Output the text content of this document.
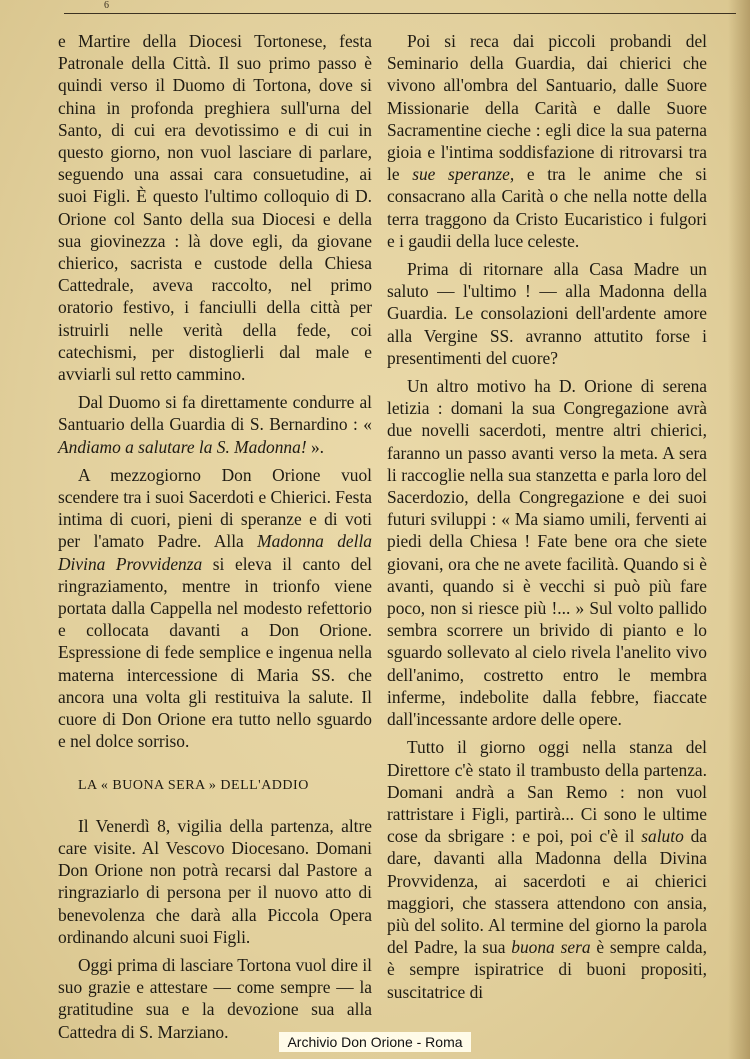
6

e Martire della Diocesi Tortonese, festa Patronale della Città. Il suo primo passo è quindi verso il Duomo di Tortona, dove si china in profonda preghiera sull'urna del Santo, di cui era devotissimo e di cui in questo giorno, non vuol lasciare di parlare, seguendo una assai cara consuetudine, ai suoi Figli. È questo l'ultimo colloquio di D. Orione col Santo della sua Diocesi e della sua giovinezza : là dove egli, da giovane chierico, sacrista e custode della Chiesa Cattedrale, aveva raccolto, nel primo oratorio festivo, i fanciulli della città per istruirli nelle verità della fede, coi catechismi, per distoglierli dal male e avviarli sul retto cammino.

Dal Duomo si fa direttamente condurre al Santuario della Guardia di S. Bernardino : « Andiamo a salutare la S. Madonna! ».

A mezzogiorno Don Orione vuol scendere tra i suoi Sacerdoti e Chierici. Festa intima di cuori, pieni di speranze e di voti per l'amato Padre. Alla Madonna della Divina Provvidenza si eleva il canto del ringraziamento, mentre in trionfo viene portata dalla Cappella nel modesto refettorio e collocata davanti a Don Orione. Espressione di fede semplice e ingenua nella materna intercessione di Maria SS. che ancora una volta gli restituiva la salute. Il cuore di Don Orione era tutto nello sguardo e nel dolce sorriso.

LA « BUONA SERA » DELL'ADDIO

Il Venerdì 8, vigilia della partenza, altre care visite. Al Vescovo Diocesano. Domani Don Orione non potrà recarsi dal Pastore a ringraziarlo di persona per il nuovo atto di benevolenza che darà alla Piccola Opera ordinando alcuni suoi Figli.

Oggi prima di lasciare Tortona vuol dire il suo grazie e attestare — come sempre — la gratitudine sua e la devozione sua alla Cattedra di S. Marziano.

Poi si reca dai piccoli probandi del Seminario della Guardia, dai chierici che vivono all'ombra del Santuario, dalle Suore Missionarie della Carità e dalle Suore Sacramentine cieche : egli dice la sua paterna gioia e l'intima soddisfazione di ritrovarsi tra le sue speranze, e tra le anime che si consacrano alla Carità o che nella notte della terra traggono da Cristo Eucaristico i fulgori e i gaudii della luce celeste.

Prima di ritornare alla Casa Madre un saluto — l'ultimo ! — alla Madonna della Guardia. Le consolazioni dell'ardente amore alla Vergine SS. avranno attutito forse i presentimenti del cuore?

Un altro motivo ha D. Orione di serena letizia : domani la sua Congregazione avrà due novelli sacerdoti, mentre altri chierici, faranno un passo avanti verso la meta. A sera li raccoglie nella sua stanzetta e parla loro del Sacerdozio, della Congregazione e dei suoi futuri sviluppi : « Ma siamo umili, ferventi ai piedi della Chiesa ! Fate bene ora che siete giovani, ora che ne avete facilità. Quando si è avanti, quando si è vecchi si può più fare poco, non si riesce più !... » Sul volto pallido sembra scorrere un brivido di pianto e lo sguardo sollevato al cielo rivela l'anelito vivo dell'animo, costretto entro le membra inferme, indebolite dalla febbre, fiaccate dall'incessante ardore delle opere.

Tutto il giorno oggi nella stanza del Direttore c'è stato il trambusto della partenza. Domani andrà a San Remo : non vuol rattristare i Figli, partirà... Ci sono le ultime cose da sbrigare : e poi, poi c'è il saluto da dare, davanti alla Madonna della Divina Provvidenza, ai sacerdoti e ai chierici maggiori, che stassera attendono con ansia, più del solito. Al termine del giorno la parola del Padre, la sua buona sera è sempre calda, è sempre ispiratrice di buoni propositi, suscitatrice di

Archivio Don Orione - Roma
